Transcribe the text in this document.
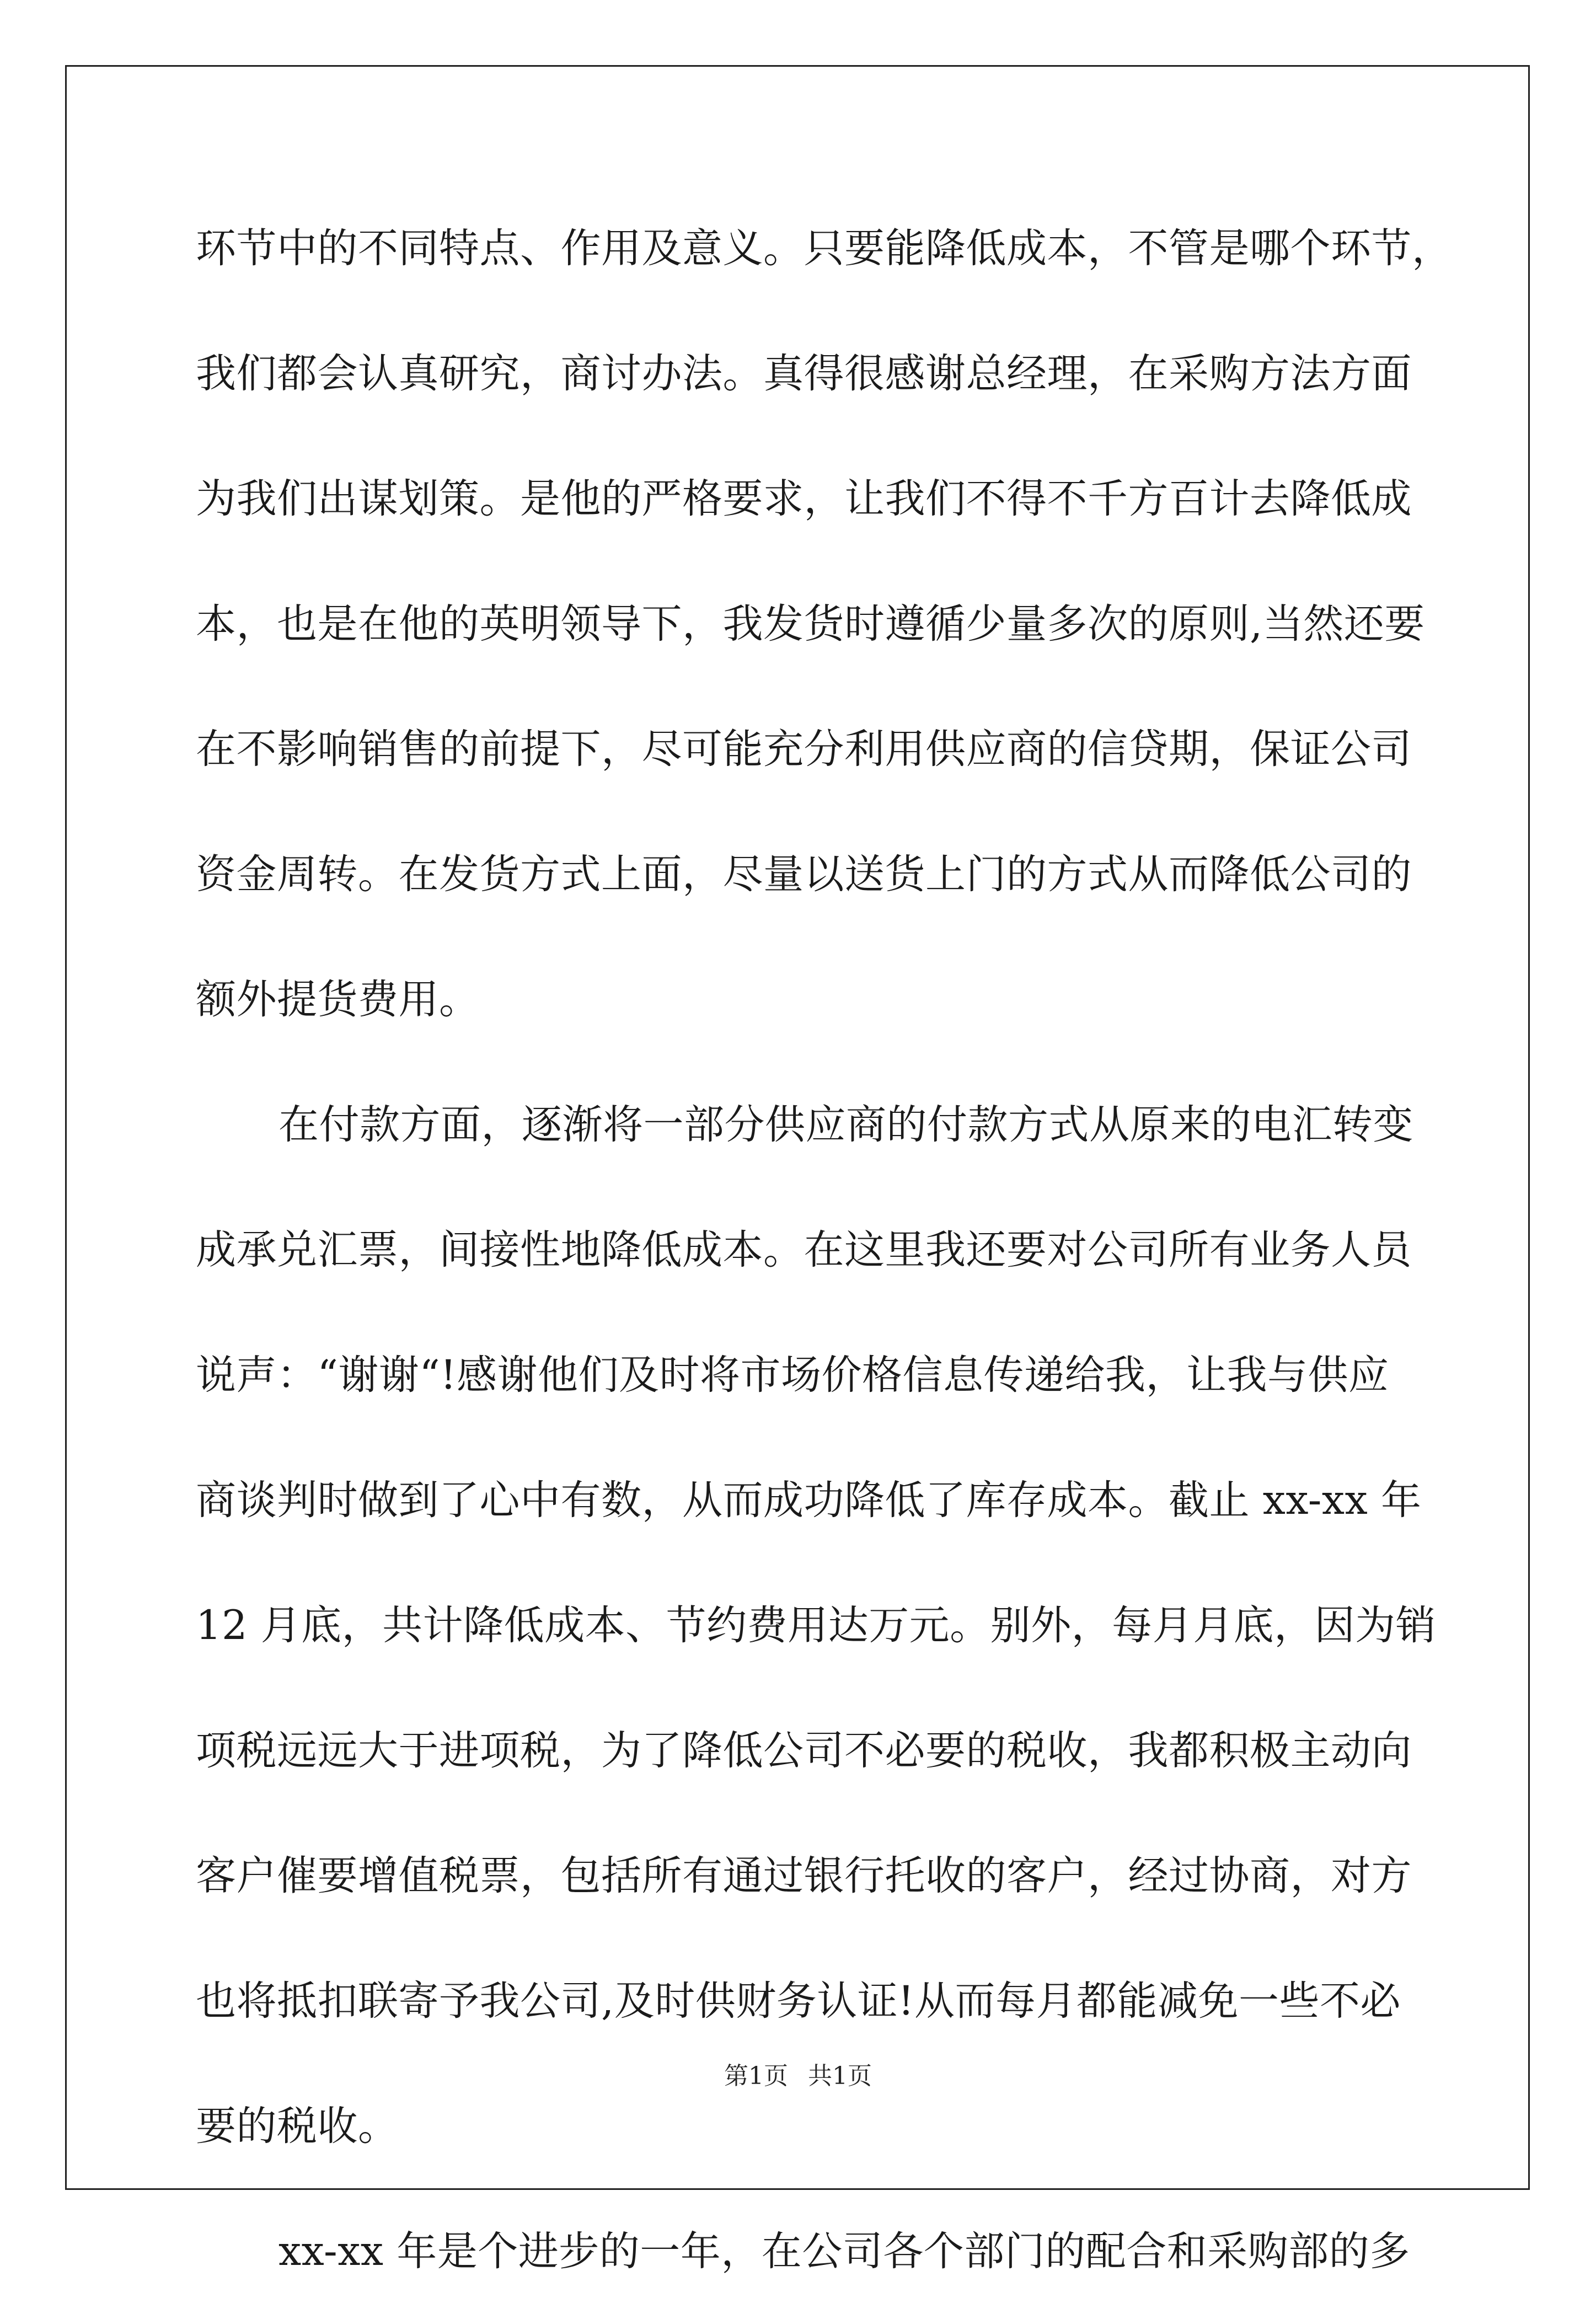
环节中的不同特点、作用及意义。只要能降低成本，不管是哪个环节，
我们都会认真研究，商讨办法。真得很感谢总经理，在采购方法方面
为我们出谋划策。是他的严格要求，让我们不得不千方百计去降低成
本，也是在他的英明领导下，我发货时遵循少量多次的原则,当然还要
在不影响销售的前提下，尽可能充分利用供应商的信贷期，保证公司
资金周转。在发货方式上面，尽量以送货上门的方式从而降低公司的
额外提货费用。
在付款方面，逐渐将一部分供应商的付款方式从原来的电汇转变
成承兑汇票，间接性地降低成本。在这里我还要对公司所有业务人员
说声：“谢谢“!感谢他们及时将市场价格信息传递给我，让我与供应
商谈判时做到了心中有数，从而成功降低了库存成本。截止 xx-xx 年
12 月底，共计降低成本、节约费用达万元。别外，每月月底，因为销
项税远远大于进项税，为了降低公司不必要的税收，我都积极主动向
客户催要增值税票，包括所有通过银行托收的客户，经过协商，对方
也将抵扣联寄予我公司,及时供财务认证!从而每月都能减免一些不必
要的税收。
xx-xx 年是个进步的一年，在公司各个部门的配合和采购部的多
第1页 共1页
